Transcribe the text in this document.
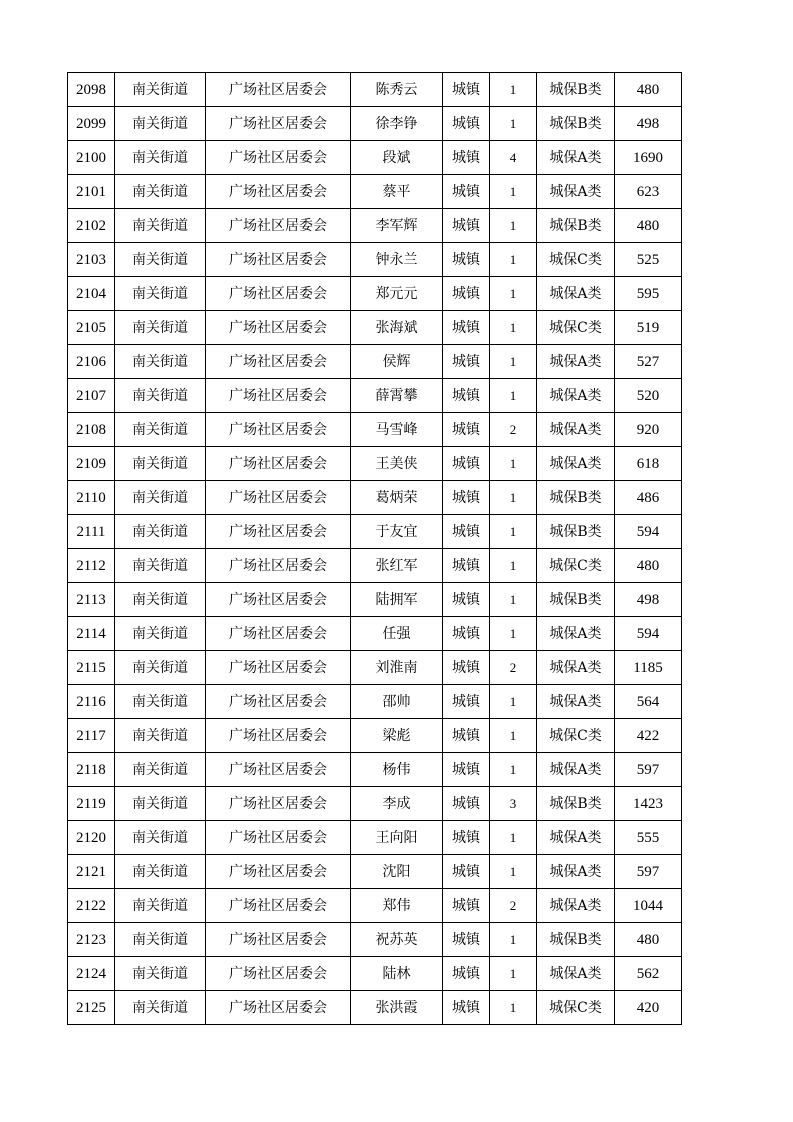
2098	南关街道	广场社区居委会	陈秀云	城镇	1	城保B类	480
2099	南关街道	广场社区居委会	徐李铮	城镇	1	城保B类	498
2100	南关街道	广场社区居委会	段斌	城镇	4	城保A类	1690
2101	南关街道	广场社区居委会	蔡平	城镇	1	城保A类	623
2102	南关街道	广场社区居委会	李军辉	城镇	1	城保B类	480
2103	南关街道	广场社区居委会	钟永兰	城镇	1	城保C类	525
2104	南关街道	广场社区居委会	郑元元	城镇	1	城保A类	595
2105	南关街道	广场社区居委会	张海斌	城镇	1	城保C类	519
2106	南关街道	广场社区居委会	侯辉	城镇	1	城保A类	527
2107	南关街道	广场社区居委会	薛霄攀	城镇	1	城保A类	520
2108	南关街道	广场社区居委会	马雪峰	城镇	2	城保A类	920
2109	南关街道	广场社区居委会	王美侠	城镇	1	城保A类	618
2110	南关街道	广场社区居委会	葛炳荣	城镇	1	城保B类	486
2111	南关街道	广场社区居委会	于友宜	城镇	1	城保B类	594
2112	南关街道	广场社区居委会	张红军	城镇	1	城保C类	480
2113	南关街道	广场社区居委会	陆拥军	城镇	1	城保B类	498
2114	南关街道	广场社区居委会	任强	城镇	1	城保A类	594
2115	南关街道	广场社区居委会	刘淮南	城镇	2	城保A类	1185
2116	南关街道	广场社区居委会	邵帅	城镇	1	城保A类	564
2117	南关街道	广场社区居委会	梁彪	城镇	1	城保C类	422
2118	南关街道	广场社区居委会	杨伟	城镇	1	城保A类	597
2119	南关街道	广场社区居委会	李成	城镇	3	城保B类	1423
2120	南关街道	广场社区居委会	王向阳	城镇	1	城保A类	555
2121	南关街道	广场社区居委会	沈阳	城镇	1	城保A类	597
2122	南关街道	广场社区居委会	郑伟	城镇	2	城保A类	1044
2123	南关街道	广场社区居委会	祝苏英	城镇	1	城保B类	480
2124	南关街道	广场社区居委会	陆林	城镇	1	城保A类	562
2125	南关街道	广场社区居委会	张洪霞	城镇	1	城保C类	420
